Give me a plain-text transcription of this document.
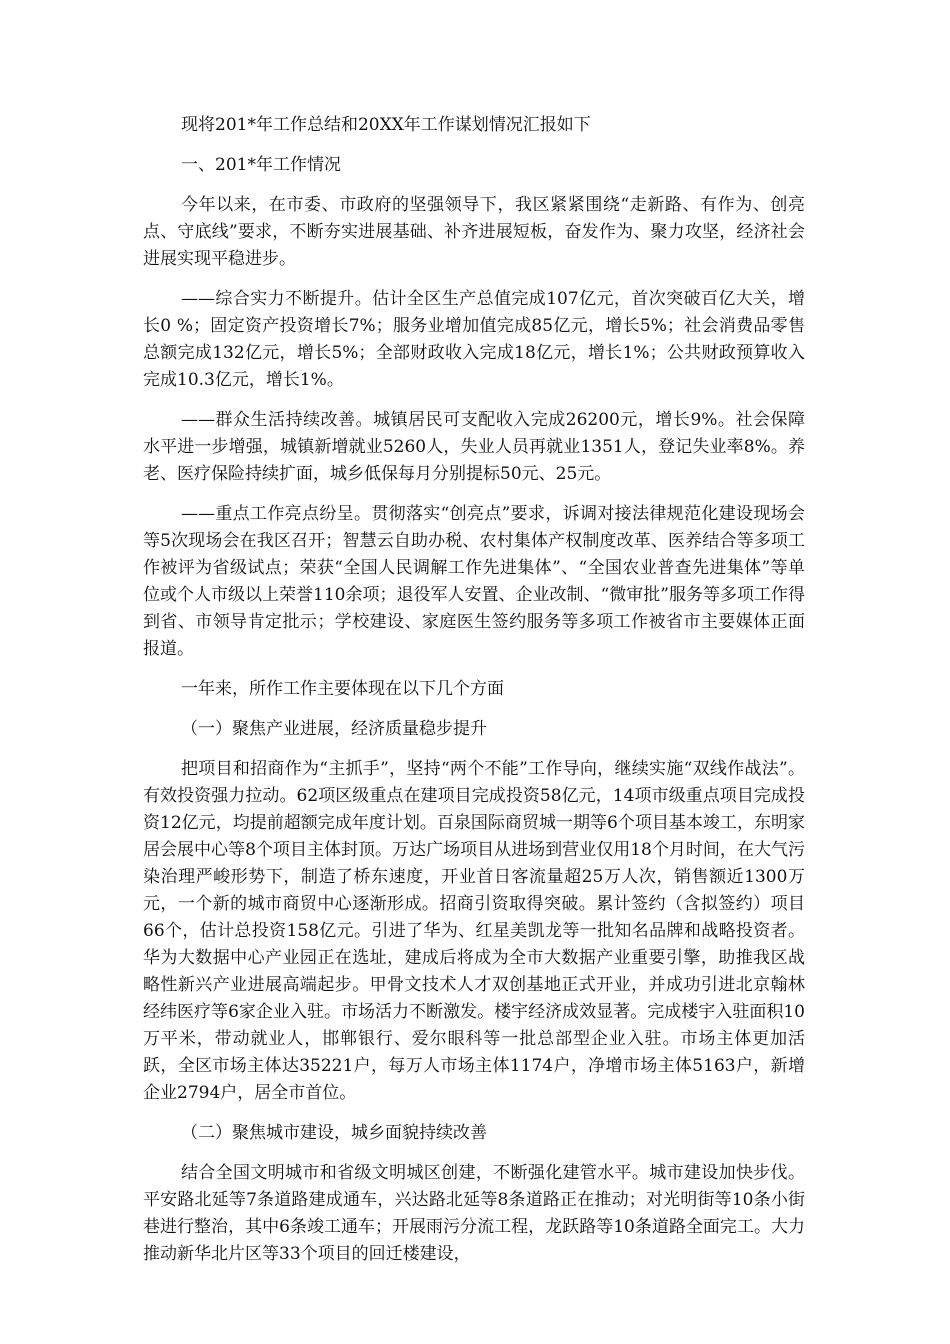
现将201*年工作总结和20XX年工作谋划情况汇报如下
一、201*年工作情况
今年以来，在市委、市政府的坚强领导下，我区紧紧围绕“走新路、有作为、创亮点、守底线”要求，不断夯实进展基础、补齐进展短板，奋发作为、聚力攻坚，经济社会进展实现平稳进步。
——综合实力不断提升。估计全区生产总值完成107亿元，首次突破百亿大关，增长0 %；固定资产投资增长7%；服务业增加值完成85亿元，增长5%；社会消费品零售总额完成132亿元，增长5%；全部财政收入完成18亿元，增长1%；公共财政预算收入完成10.3亿元，增长1%。
——群众生活持续改善。城镇居民可支配收入完成26200元，增长9%。社会保障水平进一步增强，城镇新增就业5260人，失业人员再就业1351人，登记失业率8%。养老、医疗保险持续扩面，城乡低保每月分别提标50元、25元。
——重点工作亮点纷呈。贯彻落实“创亮点”要求，诉调对接法律规范化建设现场会等5次现场会在我区召开；智慧云自助办税、农村集体产权制度改革、医养结合等多项工作被评为省级试点；荣获“全国人民调解工作先进集体”、“全国农业普查先进集体”等单位或个人市级以上荣誉110余项；退役军人安置、企业改制、“微审批”服务等多项工作得到省、市领导肯定批示；学校建设、家庭医生签约服务等多项工作被省市主要媒体正面报道。
一年来，所作工作主要体现在以下几个方面
（一）聚焦产业进展，经济质量稳步提升
把项目和招商作为“主抓手”，坚持“两个不能”工作导向，继续实施“双线作战法”。有效投资强力拉动。62项区级重点在建项目完成投资58亿元，14项市级重点项目完成投资12亿元，均提前超额完成年度计划。百泉国际商贸城一期等6个项目基本竣工，东明家居会展中心等8个项目主体封顶。万达广场项目从进场到营业仅用18个月时间，在大气污染治理严峻形势下，制造了桥东速度，开业首日客流量超25万人次，销售额近1300万元，一个新的城市商贸中心逐渐形成。招商引资取得突破。累计签约（含拟签约）项目66个，估计总投资158亿元。引进了华为、红星美凯龙等一批知名品牌和战略投资者。华为大数据中心产业园正在选址，建成后将成为全市大数据产业重要引擎，助推我区战略性新兴产业进展高端起步。甲骨文技术人才双创基地正式开业，并成功引进北京翰林经纬医疗等6家企业入驻。市场活力不断激发。楼宇经济成效显著。完成楼宇入驻面积10万平米，带动就业人，邯郸银行、爱尔眼科等一批总部型企业入驻。市场主体更加活跃，全区市场主体达35221户，每万人市场主体1174户，净增市场主体5163户，新增企业2794户，居全市首位。
（二）聚焦城市建设，城乡面貌持续改善
结合全国文明城市和省级文明城区创建，不断强化建管水平。城市建设加快步伐。平安路北延等7条道路建成通车，兴达路北延等8条道路正在推动；对光明街等10条小街巷进行整治，其中6条竣工通车；开展雨污分流工程，龙跃路等10条道路全面完工。大力推动新华北片区等33个项目的回迁楼建设，
